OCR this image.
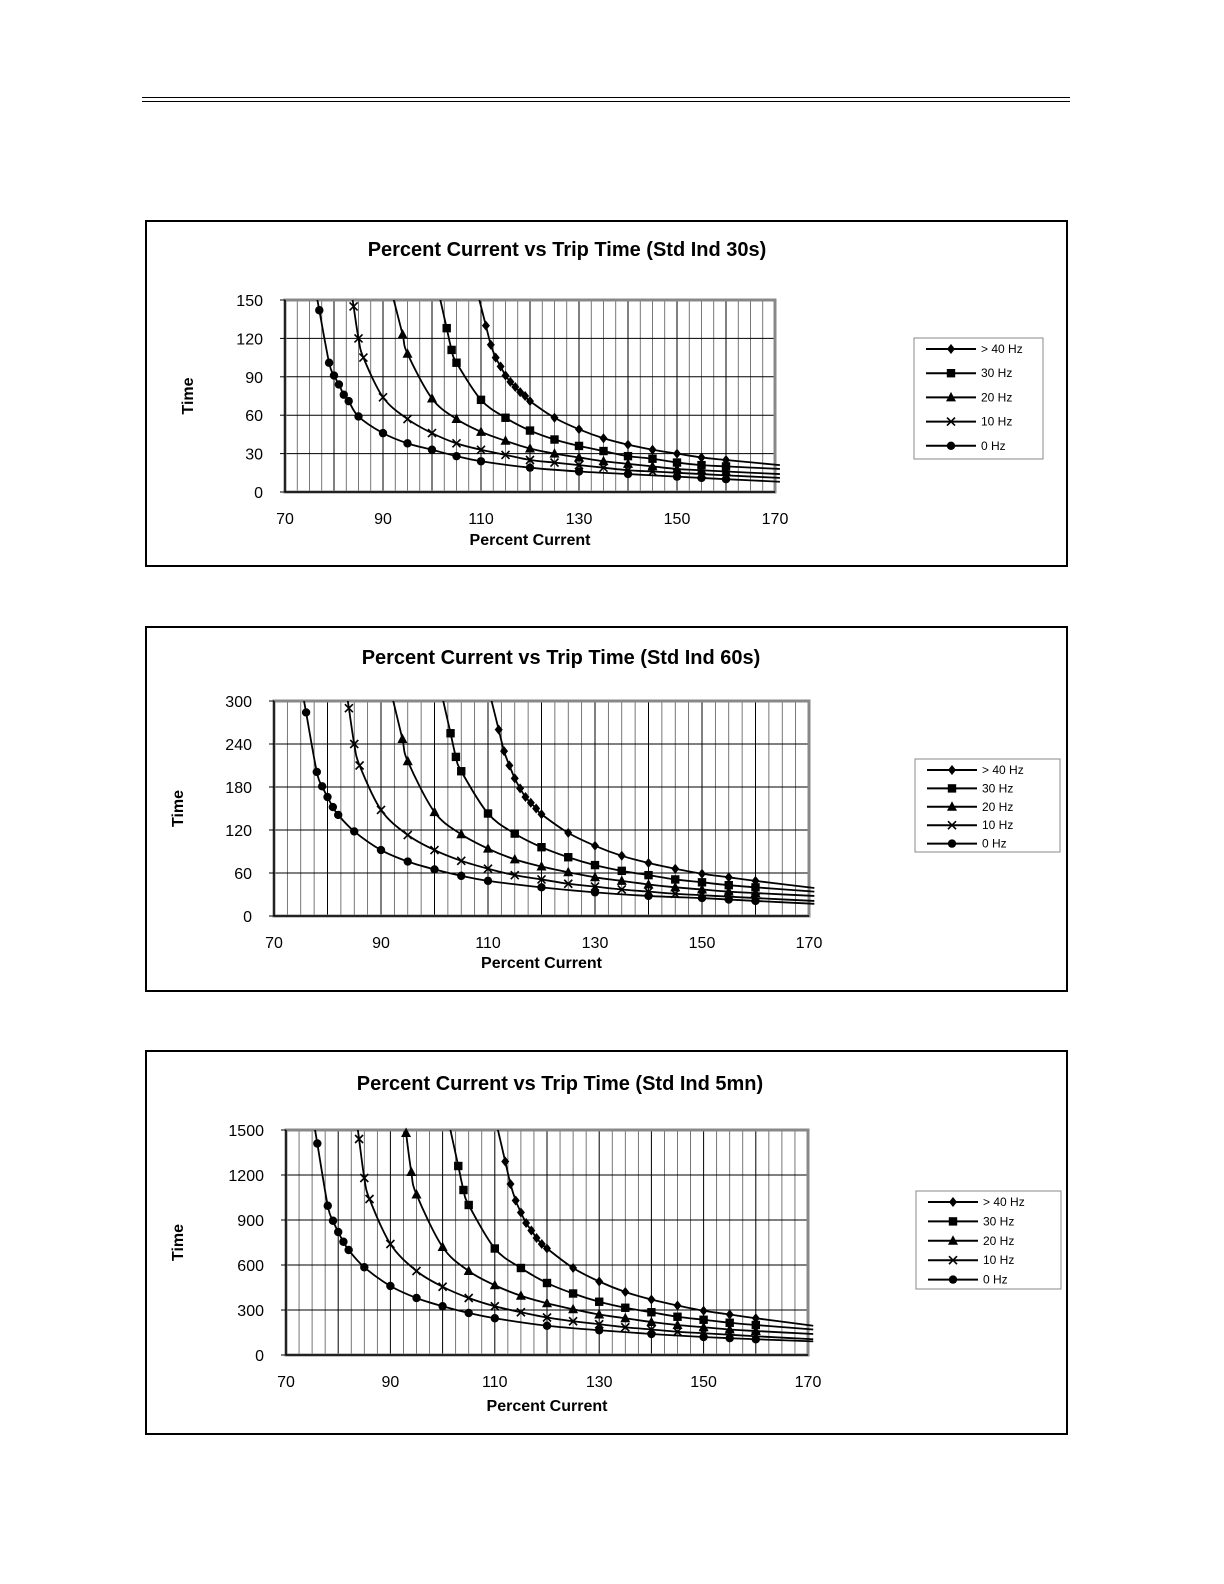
Percent Current vs Trip Time (Std Ind 30s)
0
30
60
90
120
150
70	90	110	130	150	170
Percent Current
Time
> 40 Hz
30 Hz
20 Hz
10 Hz
0 Hz
Percent Current vs Trip Time (Std Ind 60s)
0
60
120
180
240
300
70	90	110	130	150	170
Percent Current
Time
> 40 Hz
30 Hz
20 Hz
10 Hz
0 Hz
Percent Current vs Trip Time (Std Ind 5mn)
0
300
600
900
1200
1500
70	90	110	130	150	170
Percent Current
Time
> 40 Hz
30 Hz
20 Hz
10 Hz
0 Hz
